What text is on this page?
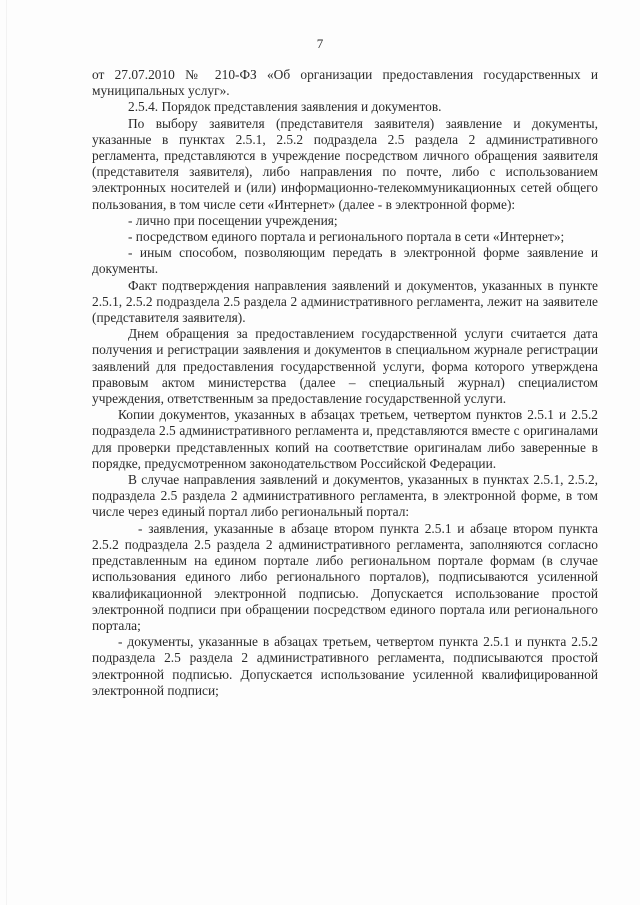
7

от 27.07.2010 № 210-ФЗ «Об организации предоставления государственных и муниципальных услуг».

2.5.4. Порядок представления заявления и документов.

По выбору заявителя (представителя заявителя) заявление и документы, указанные в пунктах 2.5.1, 2.5.2 подраздела 2.5 раздела 2 административного регламента, представляются в учреждение посредством личного обращения заявителя (представителя заявителя), либо направления по почте, либо с использованием электронных носителей и (или) информационно-телекоммуникационных сетей общего пользования, в том числе сети «Интернет» (далее - в электронной форме):

- лично при посещении учреждения;

- посредством единого портала и регионального портала в сети «Интернет»;

- иным способом, позволяющим передать в электронной форме заявление и документы.

Факт подтверждения направления заявлений и документов, указанных в пункте 2.5.1, 2.5.2 подраздела 2.5 раздела 2 административного регламента, лежит на заявителе (представителя заявителя).

Днем обращения за предоставлением государственной услуги считается дата получения и регистрации заявления и документов в специальном журнале регистрации заявлений для предоставления государственной услуги, форма которого утверждена правовым актом министерства (далее – специальный журнал) специалистом учреждения, ответственным за предоставление государственной услуги.

Копии документов, указанных в абзацах третьем, четвертом пунктов 2.5.1 и 2.5.2 подраздела 2.5 административного регламента и, представляются вместе с оригиналами для проверки представленных копий на соответствие оригиналам либо заверенные в порядке, предусмотренном законодательством Российской Федерации.

В случае направления заявлений и документов, указанных в пунктах 2.5.1, 2.5.2, подраздела 2.5 раздела 2 административного регламента, в электронной форме, в том числе через единый портал либо региональный портал:

- заявления, указанные в абзаце втором пункта 2.5.1 и абзаце втором пункта 2.5.2 подраздела 2.5 раздела 2 административного регламента, заполняются согласно представленным на едином портале либо региональном портале формам (в случае использования единого либо регионального порталов), подписываются усиленной квалификационной электронной подписью. Допускается использование простой электронной подписи при обращении посредством единого портала или регионального портала;

- документы, указанные в абзацах третьем, четвертом пункта 2.5.1 и пункта 2.5.2 подраздела 2.5 раздела 2 административного регламента, подписываются простой электронной подписью. Допускается использование усиленной квалифицированной электронной подписи;
